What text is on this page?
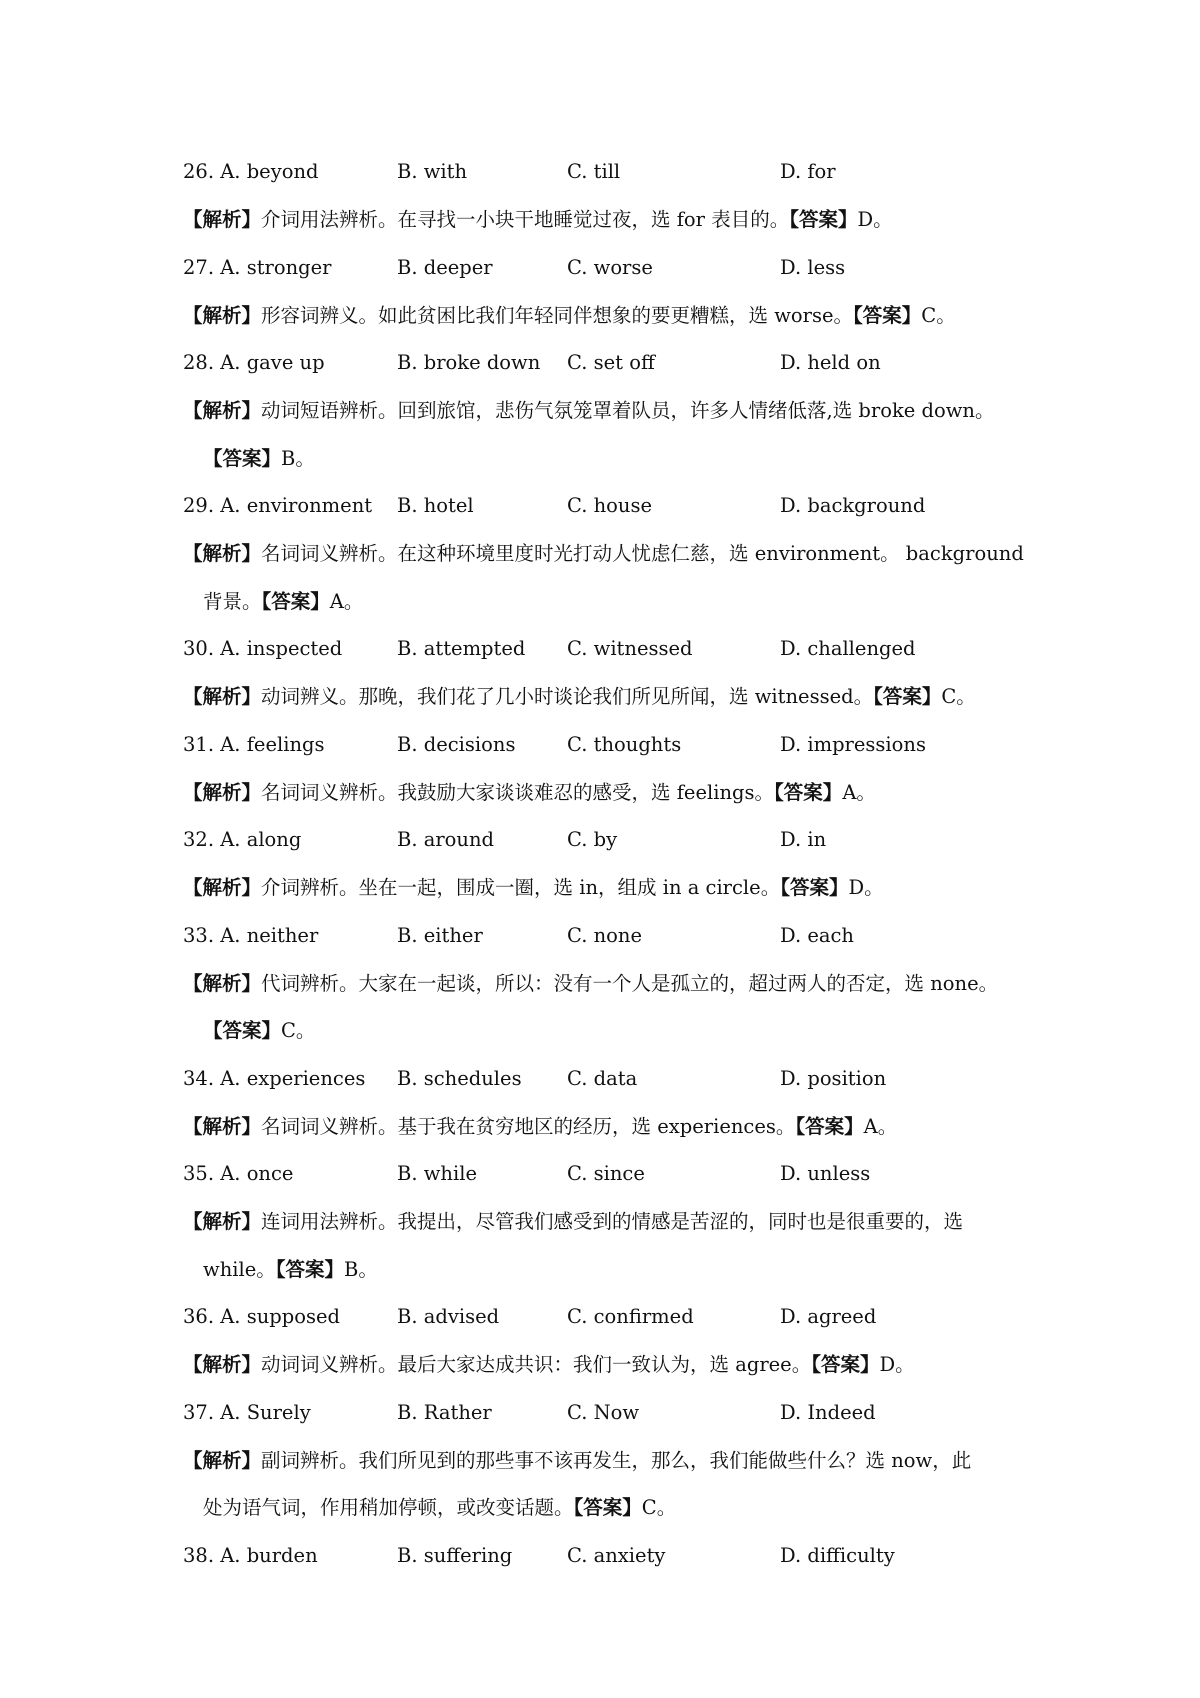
26. A. beyond	B. with	C. till	D. for
【解析】介词用法辨析。在寻找一小块干地睡觉过夜，选 for 表目的。【答案】D。
27. A. stronger	B. deeper	C. worse	D. less
【解析】形容词辨义。如此贫困比我们年轻同伴想象的要更糟糕，选 worse。【答案】C。
28. A. gave up	B. broke down C. set off	D. held on
【解析】动词短语辨析。回到旅馆，悲伤气氛笼罩着队员，许多人情绪低落,选 broke down。
【答案】B。
29. A. environment B. hotel	C. house	D. background
【解析】名词词义辨析。在这种环境里度时光打动人忧虑仁慈，选 environment。 background
背景。【答案】A。
30. A. inspected	B. attempted C. witnessed	D. challenged
【解析】动词辨义。那晚，我们花了几小时谈论我们所见所闻，选 witnessed。【答案】C。
31. A. feelings	B. decisions	C. thoughts	D. impressions
【解析】名词词义辨析。我鼓励大家谈谈难忍的感受，选 feelings。【答案】A。
32. A. along	B. around	C. by	D. in
【解析】介词辨析。坐在一起，围成一圈，选 in，组成 in a circle。【答案】D。
33. A. neither	B. either	C. none	D. each
【解析】代词辨析。大家在一起谈，所以：没有一个人是孤立的，超过两人的否定，选 none。
【答案】C。
34. A. experiences B. schedules C. data	D. position
【解析】名词词义辨析。基于我在贫穷地区的经历，选 experiences。【答案】A。
35. A. once	B. while	C. since	D. unless
【解析】连词用法辨析。我提出，尽管我们感受到的情感是苦涩的，同时也是很重要的，选
while。【答案】B。
36. A. supposed	B. advised	C. confirmed	D. agreed
【解析】动词词义辨析。最后大家达成共识：我们一致认为，选 agree。【答案】D。
37. A. Surely	B. Rather	C. Now	D. Indeed
【解析】副词辨析。我们所见到的那些事不该再发生，那么，我们能做些什么？选 now，此
处为语气词，作用稍加停顿，或改变话题。【答案】C。
38. A. burden	B. suffering	C. anxiety	D. difficulty
